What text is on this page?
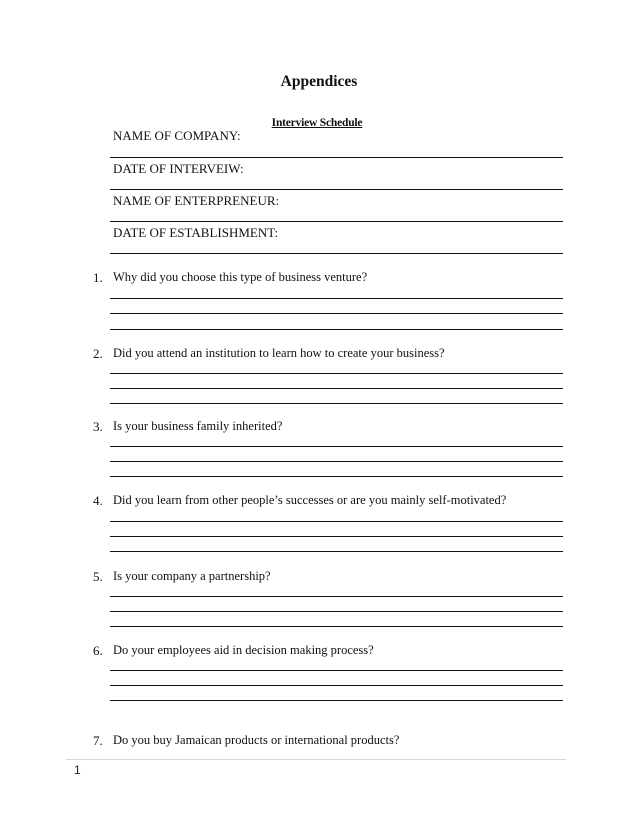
Appendices
Interview Schedule
NAME OF COMPANY:
DATE OF INTERVEIW:
NAME OF ENTERPRENEUR:
DATE OF ESTABLISHMENT:
1. Why did you choose this type of business venture?
2. Did you attend an institution to learn how to create your business?
3. Is your business family inherited?
4. Did you learn from other people’s successes or are you mainly self-motivated?
5. Is your company a partnership?
6. Do your employees aid in decision making process?
7. Do you buy Jamaican products or international products?
1
